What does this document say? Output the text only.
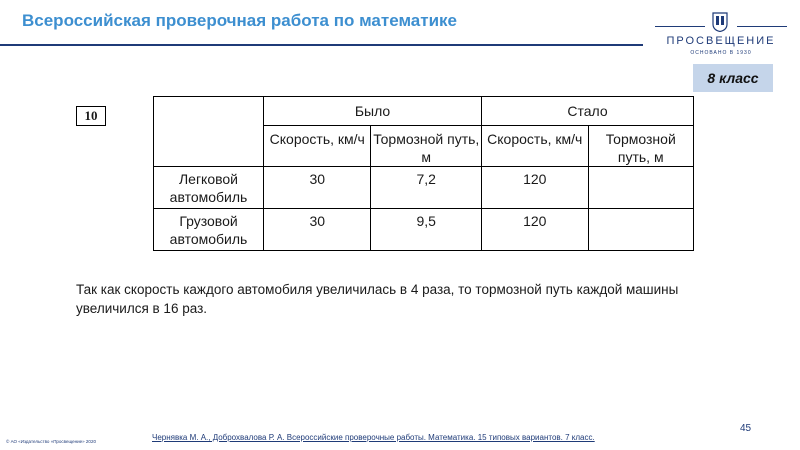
Всероссийская проверочная работа по математике
ПРОСВЕЩЕНИЕ
ОСНОВАНО В 1930
8 класс
10
		Было		Стало	
	Скорость, км/ч	Тормозной путь, м	Скорость, км/ч	Тормозной путь, м
Легковой автомобиль	30	7,2	120	
Грузовой автомобиль	30	9,5	120	
Так как скорость каждого автомобиля увеличилась в 4 раза, то тормозной путь каждой машины увеличился в 16 раз.
45
© АО «Издательство «Просвещение» 2020	Чернявка М. А., Доброхвалова Р. А. Всероссийские проверочные работы. Математика. 15 типовых вариантов. 7 класс.
